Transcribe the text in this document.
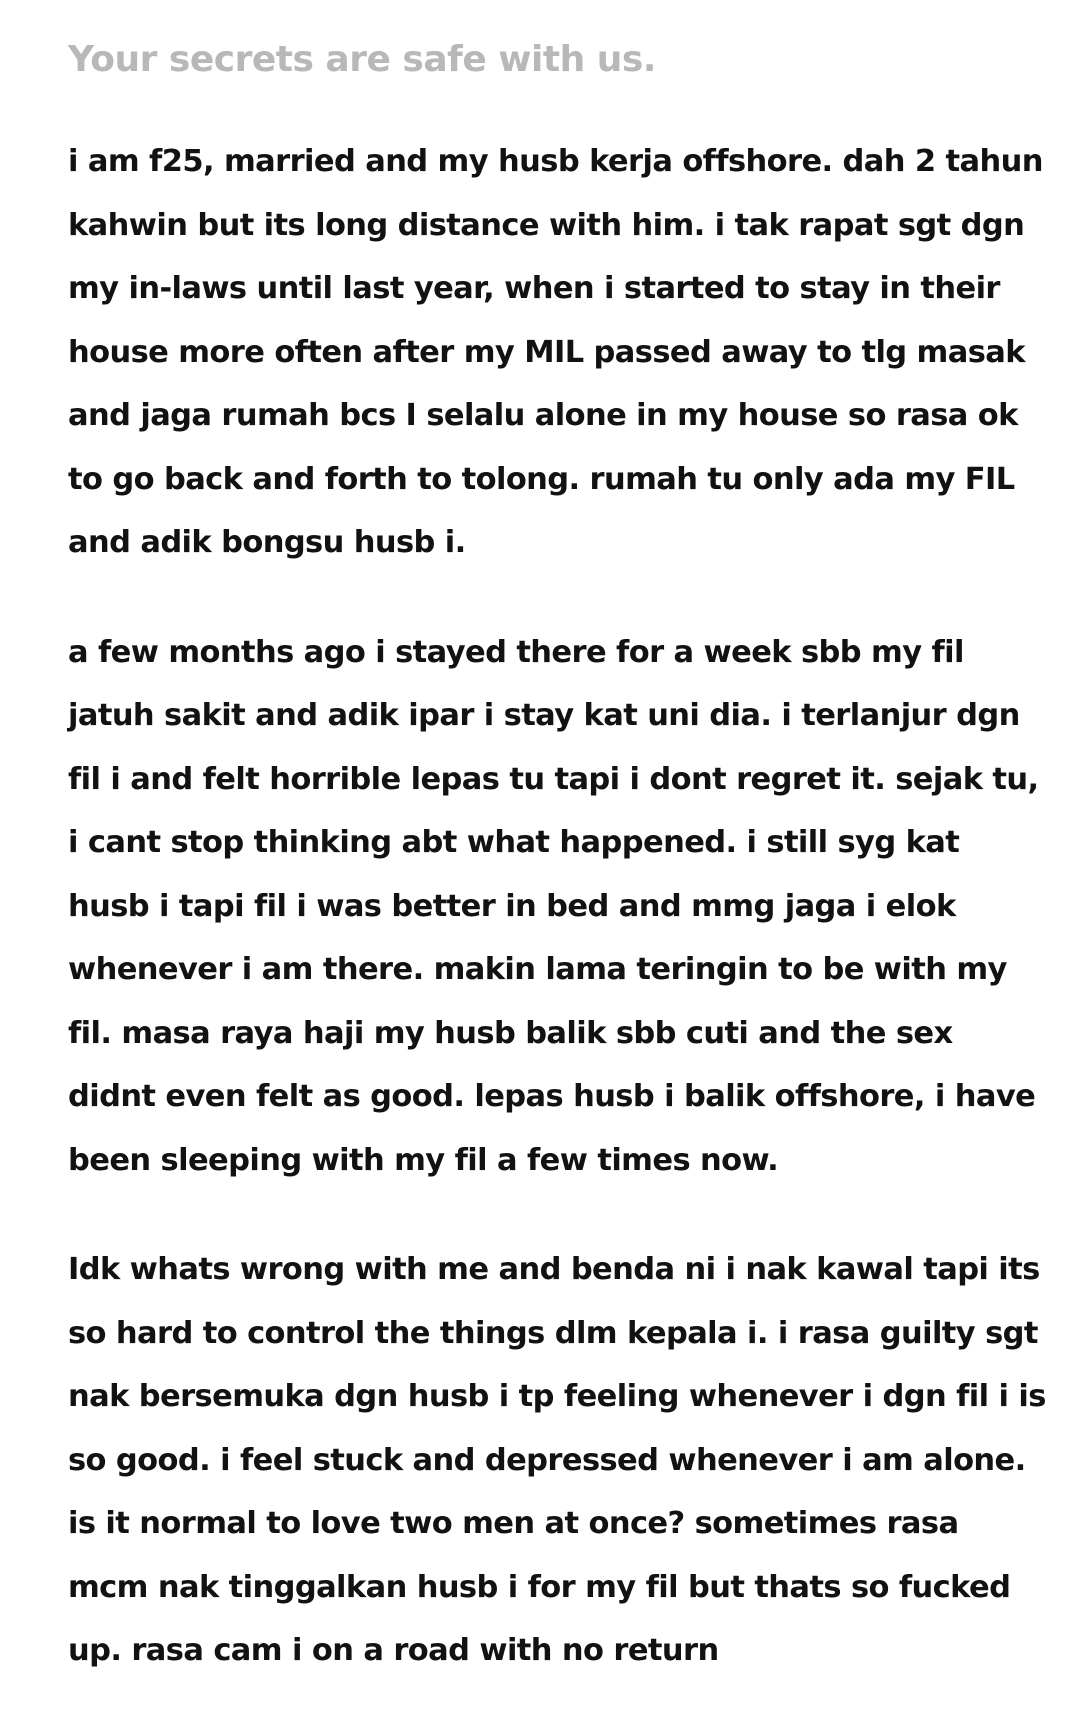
Your secrets are safe with us.

i am f25, married and my husb kerja offshore. dah 2 tahun
kahwin but its long distance with him. i tak rapat sgt dgn
my in-laws until last year, when i started to stay in their
house more often after my MIL passed away to tlg masak
and jaga rumah bcs I selalu alone in my house so rasa ok
to go back and forth to tolong. rumah tu only ada my FIL
and adik bongsu husb i.

a few months ago i stayed there for a week sbb my fil
jatuh sakit and adik ipar i stay kat uni dia. i terlanjur dgn
fil i and felt horrible lepas tu tapi i dont regret it. sejak tu,
i cant stop thinking abt what happened. i still syg kat
husb i tapi fil i was better in bed and mmg jaga i elok
whenever i am there. makin lama teringin to be with my
fil. masa raya haji my husb balik sbb cuti and the sex
didnt even felt as good. lepas husb i balik offshore, i have
been sleeping with my fil a few times now.

Idk whats wrong with me and benda ni i nak kawal tapi its
so hard to control the things dlm kepala i. i rasa guilty sgt
nak bersemuka dgn husb i tp feeling whenever i dgn fil i is
so good. i feel stuck and depressed whenever i am alone.
is it normal to love two men at once? sometimes rasa
mcm nak tinggalkan husb i for my fil but thats so fucked
up. rasa cam i on a road with no return
